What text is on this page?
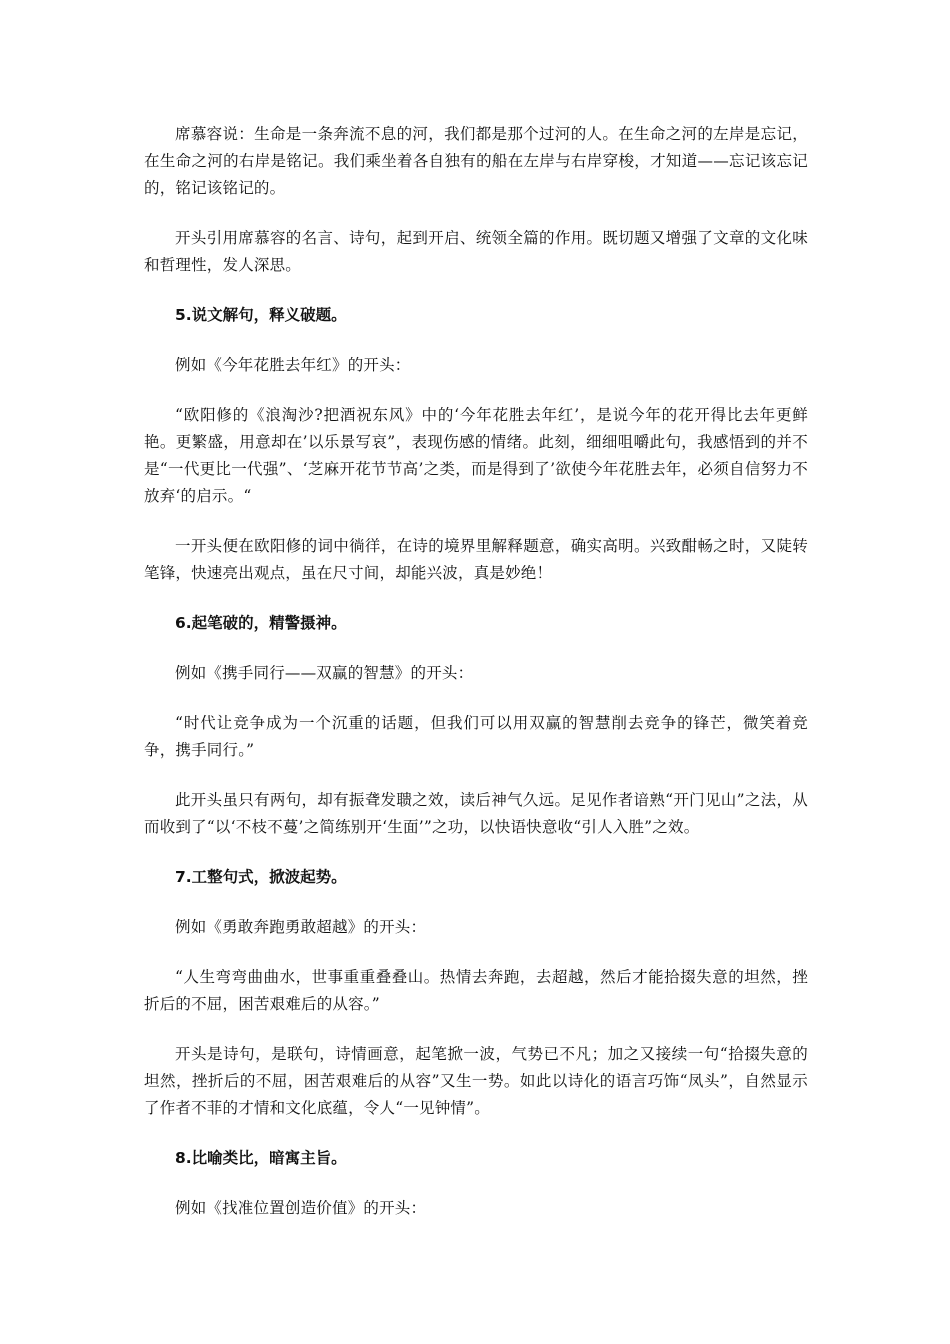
席慕容说：生命是一条奔流不息的河，我们都是那个过河的人。在生命之河的左岸是忘记，在生命之河的右岸是铭记。我们乘坐着各自独有的船在左岸与右岸穿梭，才知道——忘记该忘记的，铭记该铭记的。

开头引用席慕容的名言、诗句，起到开启、统领全篇的作用。既切题又增强了文章的文化味和哲理性，发人深思。

5.说文解句，释义破题。

例如《今年花胜去年红》的开头：

“欧阳修的《浪淘沙?把酒祝东风》中的‘今年花胜去年红’，是说今年的花开得比去年更鲜艳。更繁盛，用意却在’以乐景写哀”，表现伤感的情绪。此刻，细细咀嚼此句，我感悟到的并不是“一代更比一代强”、‘芝麻开花节节高’之类，而是得到了’欲使今年花胜去年，必须自信努力不放弃‘的启示。“

一开头便在欧阳修的词中徜徉，在诗的境界里解释题意，确实高明。兴致酣畅之时，又陡转笔锋，快速亮出观点，虽在尺寸间，却能兴波，真是妙绝！

6.起笔破的，精警摄神。

例如《携手同行——双赢的智慧》的开头：

“时代让竞争成为一个沉重的话题，但我们可以用双赢的智慧削去竞争的锋芒，微笑着竞争，携手同行。”

此开头虽只有两句，却有振聋发聩之效，读后神气久远。足见作者谙熟“开门见山”之法，从而收到了“以‘不枝不蔓’之简练别开‘生面’”之功，以快语快意收“引人入胜”之效。

7.工整句式，掀波起势。

例如《勇敢奔跑勇敢超越》的开头：

“人生弯弯曲曲水，世事重重叠叠山。热情去奔跑，去超越，然后才能拾掇失意的坦然，挫折后的不屈，困苦艰难后的从容。”

开头是诗句，是联句，诗情画意，起笔掀一波，气势已不凡；加之又接续一句“拾掇失意的坦然，挫折后的不屈，困苦艰难后的从容”又生一势。如此以诗化的语言巧饰“凤头”，自然显示了作者不菲的才情和文化底蕴，令人“一见钟情”。

8.比喻类比，暗寓主旨。

例如《找准位置创造价值》的开头：
